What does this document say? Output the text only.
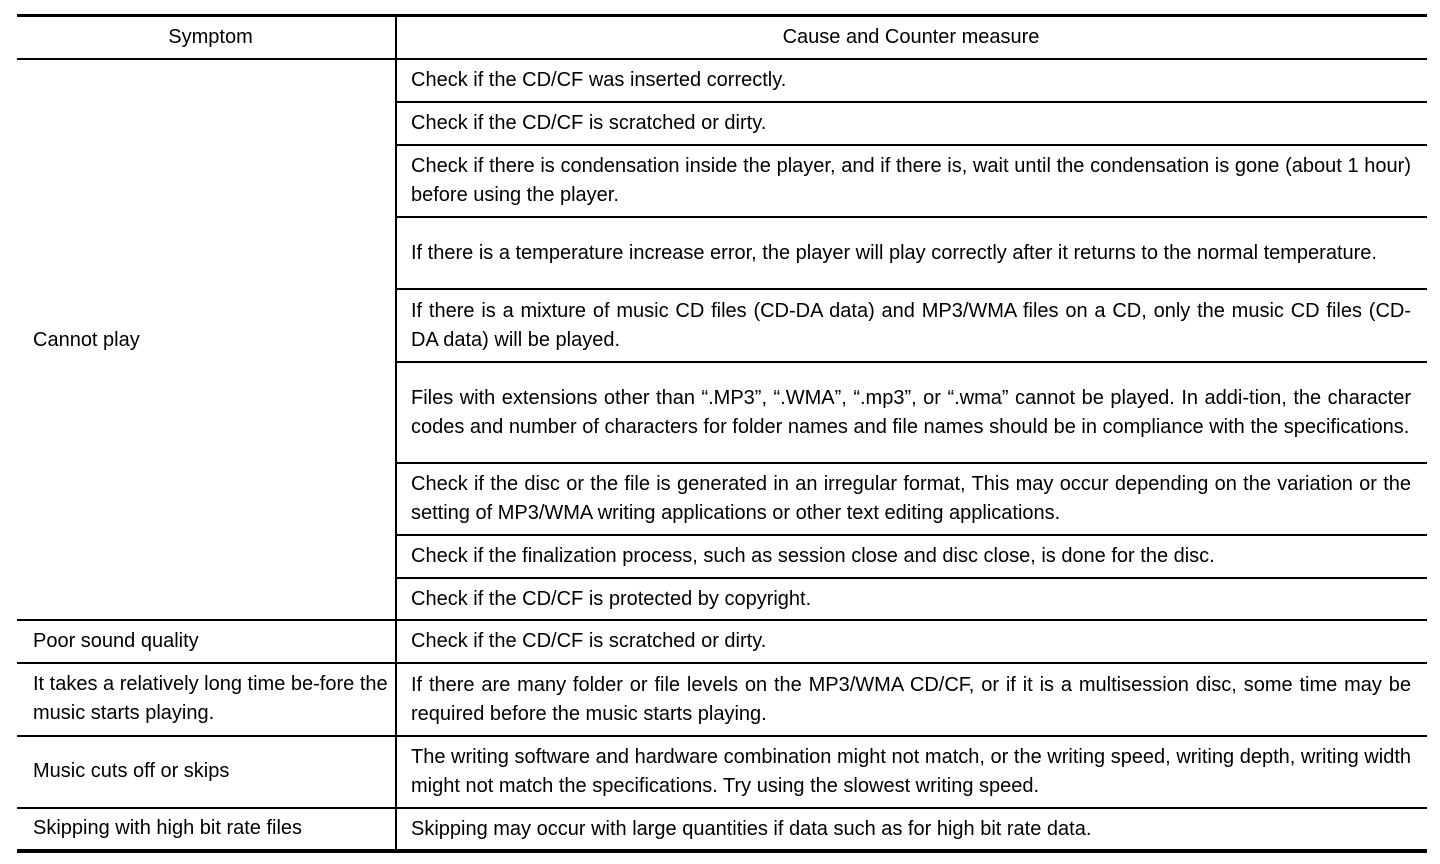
Symptom	Cause and Counter measure
Cannot play
Poor sound quality
It takes a relatively long time be-fore the music starts playing.
Music cuts off or skips
Skipping with high bit rate files
Check if the CD/CF was inserted correctly.
Check if the CD/CF is scratched or dirty.
Check if there is condensation inside the player, and if there is, wait until the condensation is gone (about 1 hour) before using the player.
If there is a temperature increase error, the player will play correctly after it returns to the normal temperature.
If there is a mixture of music CD files (CD-DA data) and MP3/WMA files on a CD, only the music CD files (CD-DA data) will be played.
Files with extensions other than “.MP3”, “.WMA”, “.mp3”, or “.wma” cannot be played. In addi-tion, the character codes and number of characters for folder names and file names should be in compliance with the specifications.
Check if the disc or the file is generated in an irregular format, This may occur depending on the variation or the setting of MP3/WMA writing applications or other text editing applications.
Check if the finalization process, such as session close and disc close, is done for the disc.
Check if the CD/CF is protected by copyright.
Check if the CD/CF is scratched or dirty.
If there are many folder or file levels on the MP3/WMA CD/CF, or if it is a multisession disc, some time may be required before the music starts playing.
The writing software and hardware combination might not match, or the writing speed, writing depth, writing width might not match the specifications. Try using the slowest writing speed.
Skipping may occur with large quantities if data such as for high bit rate data.
